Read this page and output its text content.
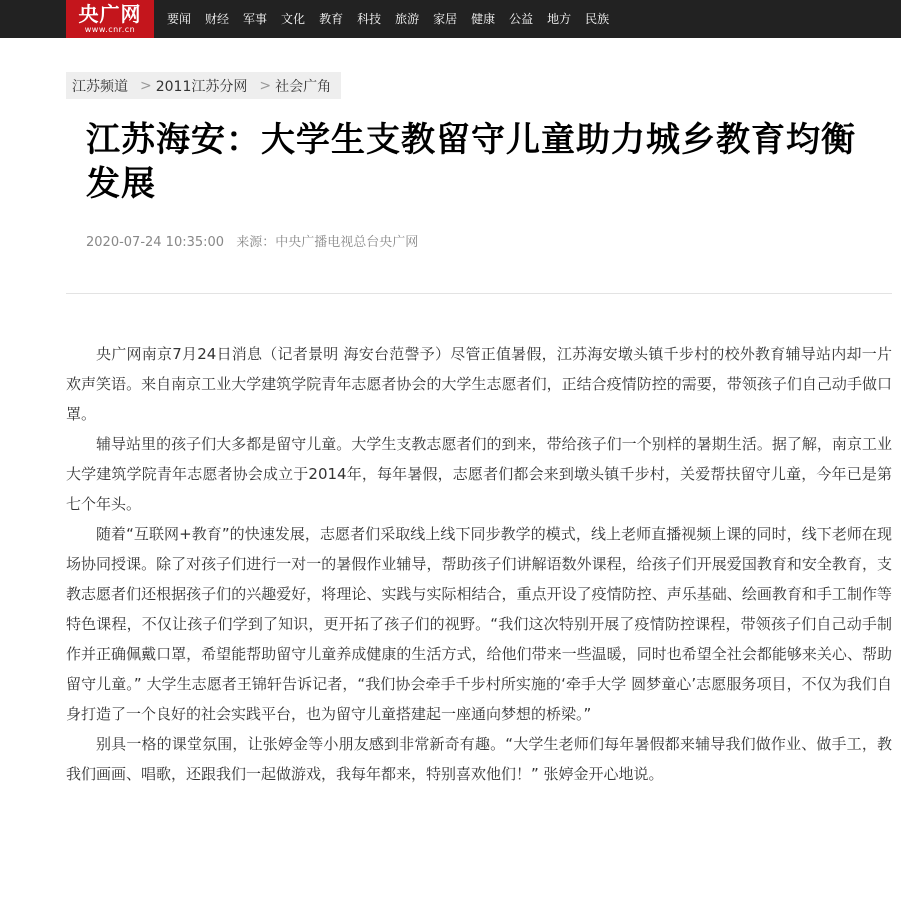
央广网
www.cnr.cn
要闻 财经 军事 文化 教育 科技 旅游 家居 健康 公益 地方 民族
江苏频道 > 2011江苏分网 > 社会广角
江苏海安：大学生支教留守儿童助力城乡教育均衡发展
2020-07-24 10:35:00 来源：中央广播电视总台央广网

央广网南京7月24日消息（记者景明 海安台范謦予）尽管正值暑假，江苏海安墩头镇千步村的校外教育辅导站内却一片欢声笑语。来自南京工业大学建筑学院青年志愿者协会的大学生志愿者们，正结合疫情防控的需要，带领孩子们自己动手做口罩。

辅导站里的孩子们大多都是留守儿童。大学生支教志愿者们的到来，带给孩子们一个别样的暑期生活。据了解，南京工业大学建筑学院青年志愿者协会成立于2014年，每年暑假，志愿者们都会来到墩头镇千步村，关爱帮扶留守儿童，今年已是第七个年头。

随着“互联网+教育”的快速发展，志愿者们采取线上线下同步教学的模式，线上老师直播视频上课的同时，线下老师在现场协同授课。除了对孩子们进行一对一的暑假作业辅导，帮助孩子们讲解语数外课程，给孩子们开展爱国教育和安全教育，支教志愿者们还根据孩子们的兴趣爱好，将理论、实践与实际相结合，重点开设了疫情防控、声乐基础、绘画教育和手工制作等特色课程，不仅让孩子们学到了知识，更开拓了孩子们的视野。“我们这次特别开展了疫情防控课程，带领孩子们自己动手制作并正确佩戴口罩，希望能帮助留守儿童养成健康的生活方式，给他们带来一些温暖，同时也希望全社会都能够来关心、帮助留守儿童。” 大学生志愿者王锦轩告诉记者，“我们协会牵手千步村所实施的‘牵手大学 圆梦童心’志愿服务项目，不仅为我们自身打造了一个良好的社会实践平台，也为留守儿童搭建起一座通向梦想的桥梁。”

别具一格的课堂氛围，让张婷金等小朋友感到非常新奇有趣。“大学生老师们每年暑假都来辅导我们做作业、做手工，教我们画画、唱歌，还跟我们一起做游戏，我每年都来，特别喜欢他们！” 张婷金开心地说。
